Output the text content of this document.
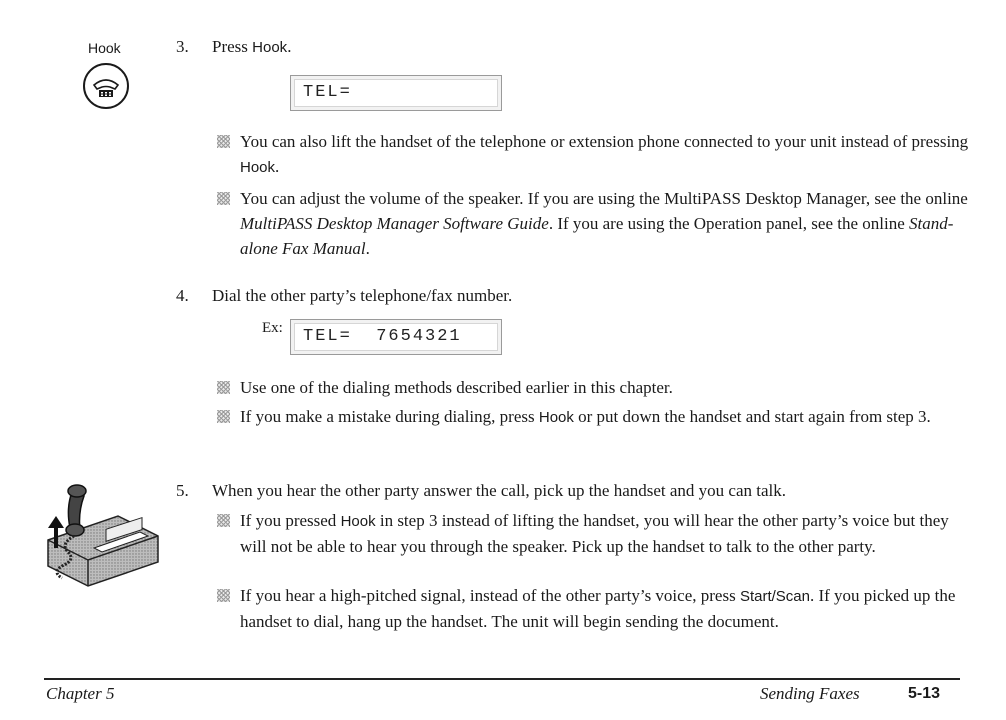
Hook	3.	Press Hook.
TEL=
You can also lift the handset of the telephone or extension phone connected to your unit instead of pressing Hook.
You can adjust the volume of the speaker. If you are using the MultiPASS Desktop Manager, see the online MultiPASS Desktop Manager Software Guide. If you are using the Operation panel, see the online Stand-alone Fax Manual.
4.	Dial the other party’s telephone/fax number.
Ex:	TEL=  7654321
Use one of the dialing methods described earlier in this chapter.
If you make a mistake during dialing, press Hook or put down the handset and start again from step 3.
5.	When you hear the other party answer the call, pick up the handset and you can talk.
If you pressed Hook in step 3 instead of lifting the handset, you will hear the other party’s voice but they will not be able to hear you through the speaker. Pick up the handset to talk to the other party.
If you hear a high-pitched signal, instead of the other party’s voice, press Start/Scan. If you picked up the handset to dial, hang up the handset. The unit will begin sending the document.
Chapter 5	Sending Faxes	5-13
